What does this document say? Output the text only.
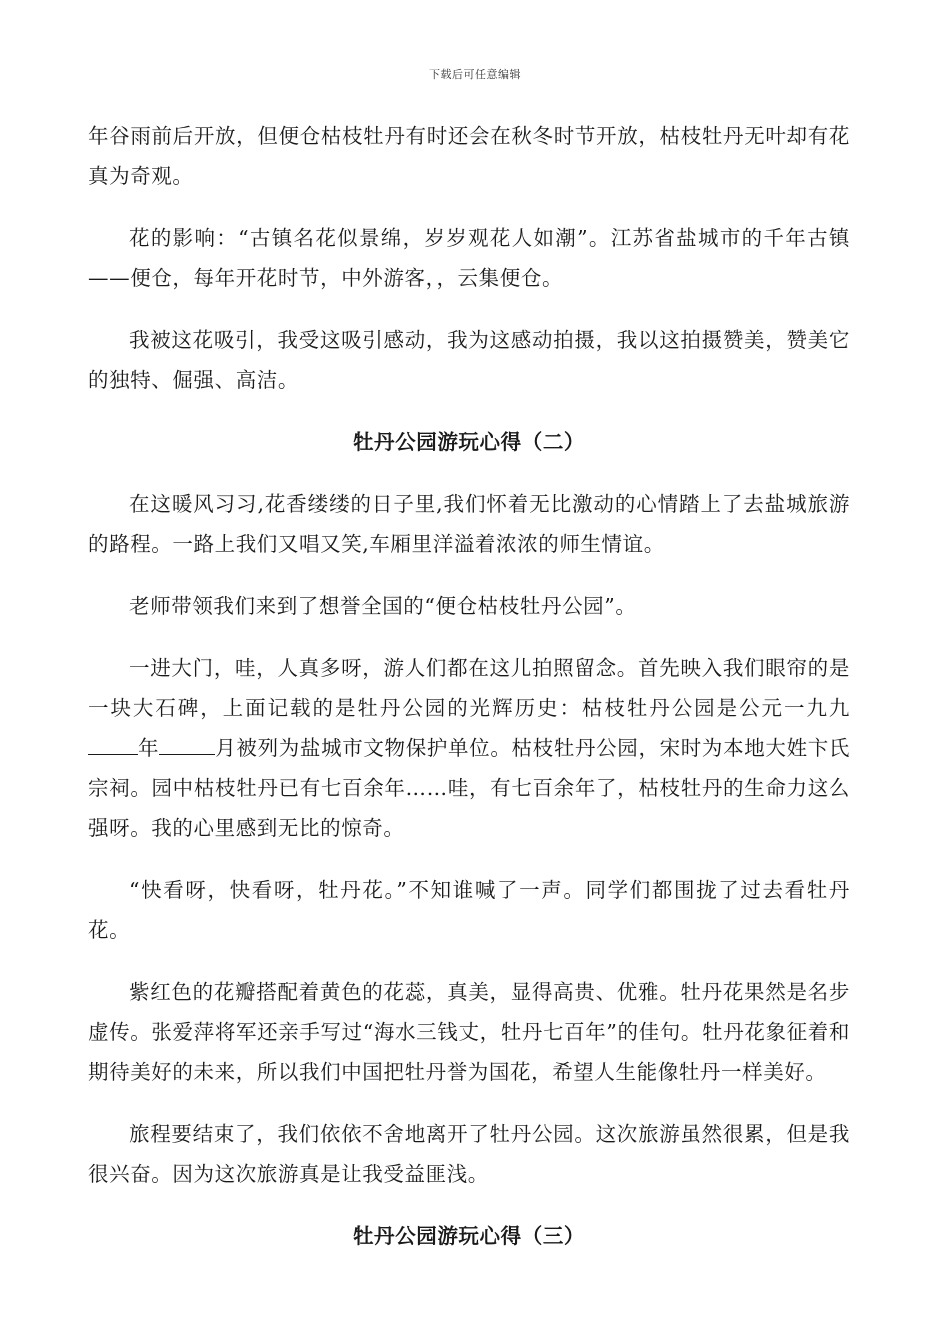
下载后可任意编辑

年谷雨前后开放，但便仓枯枝牡丹有时还会在秋冬时节开放，枯枝牡丹无叶却有花真为奇观。

花的影响：“古镇名花似景绵，岁岁观花人如潮”。江苏省盐城市的千年古镇——便仓，每年开花时节，中外游客，，云集便仓。

我被这花吸引，我受这吸引感动，我为这感动拍摄，我以这拍摄赞美，赞美它的独特、倔强、高洁。

牡丹公园游玩心得（二）

在这暖风习习,花香缕缕的日子里,我们怀着无比激动的心情踏上了去盐城旅游的路程。一路上我们又唱又笑,车厢里洋溢着浓浓的师生情谊。

老师带领我们来到了想誉全国的“便仓枯枝牡丹公园”。

一进大门，哇，人真多呀，游人们都在这儿拍照留念。首先映入我们眼帘的是一块大石碑，上面记载的是牡丹公园的光辉历史：枯枝牡丹公园是公元一九九年	月被列为盐城市文物保护单位。枯枝牡丹公园，宋时为本地大姓卞氏宗祠。园中枯枝牡丹已有七百余年……哇，有七百余年了，枯枝牡丹的生命力这么强呀。我的心里感到无比的惊奇。

“快看呀，快看呀，牡丹花。”不知谁喊了一声。同学们都围拢了过去看牡丹花。

紫红色的花瓣搭配着黄色的花蕊，真美，显得高贵、优雅。牡丹花果然是名步虚传。张爱萍将军还亲手写过“海水三钱丈，牡丹七百年”的佳句。牡丹花象征着和期待美好的未来，所以我们中国把牡丹誉为国花，希望人生能像牡丹一样美好。

旅程要结束了，我们依依不舍地离开了牡丹公园。这次旅游虽然很累，但是我很兴奋。因为这次旅游真是让我受益匪浅。

牡丹公园游玩心得（三）
